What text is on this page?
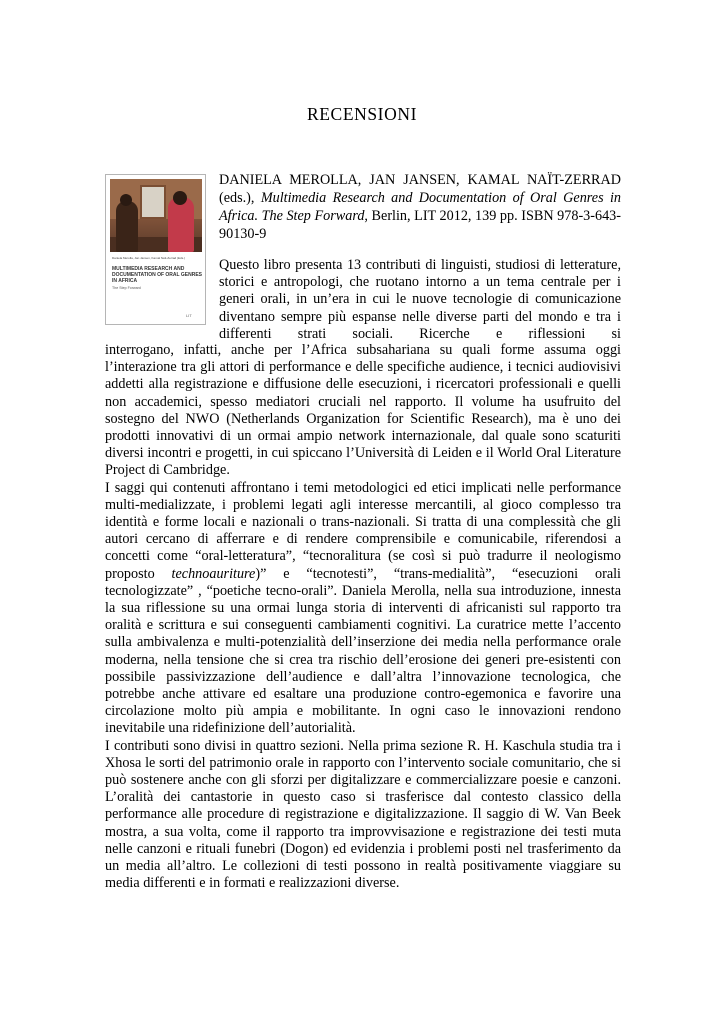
RECENSIONI
Daniela Merolla, Jan Jansen, Kamal Naït-Zerrad (Eds.)
MULTIMEDIA RESEARCH AND DOCUMENTATION OF ORAL GENRES IN AFRICA
The Step Forward
LIT
DANIELA MEROLLA, JAN JANSEN, KAMAL NAÏT-ZERRAD (eds.), Multimedia Research and Documentation of Oral Genres in Africa. The Step Forward, Berlin, LIT 2012, 139 pp. ISBN 978-3-643-90130-9
Questo libro presenta 13 contributi di linguisti, studiosi di letterature, storici e antropologi, che ruotano intorno a un tema centrale per i generi orali, in un’era in cui le nuove tecnologie di comunicazione diventano sempre più espanse nelle diverse parti del mondo e tra i differenti strati sociali. Ricerche e riflessioni si

interrogano, infatti, anche per l’Africa subsahariana su quali forme assuma oggi l’interazione tra gli attori di performance e delle specifiche audience, i tecnici audiovisivi addetti alla registrazione e diffusione delle esecuzioni, i ricercatori professionali e quelli non accademici, spesso mediatori cruciali nel rapporto. Il volume ha usufruito del sostegno del NWO (Netherlands Organization for Scientific Research), ma è uno dei prodotti innovativi di un ormai ampio network internazionale, dal quale sono scaturiti diversi incontri e progetti, in cui spiccano l’Università di Leiden e il World Oral Literature Project di Cambridge.

I saggi qui contenuti affrontano i temi metodologici ed etici implicati nelle performance multi-medializzate, i problemi legati agli interesse mercantili, al gioco complesso tra identità e forme locali e nazionali o trans-nazionali. Si tratta di una complessità che gli autori cercano di afferrare e di rendere comprensibile e comunicabile, riferendosi a concetti come “oral-letteratura”, “tecnoralitura (se così si può tradurre il neologismo proposto technoauriture)” e “tecnotesti”, “trans-medialità”, “esecuzioni orali tecnologizzate” , “poetiche tecno-orali”. Daniela Merolla, nella sua introduzione, innesta la sua riflessione su una ormai lunga storia di interventi di africanisti sul rapporto tra oralità e scrittura e sui conseguenti cambiamenti cognitivi. La curatrice mette l’accento sulla ambivalenza e multi-potenzialità dell’inserzione dei media nella performance orale moderna, nella tensione che si crea tra rischio dell’erosione dei generi pre-esistenti con possibile passivizzazione dell’audience e dall’altra l’innovazione tecnologica, che potrebbe anche attivare ed esaltare una produzione contro-egemonica e favorire una circolazione molto più ampia e mobilitante. In ogni caso le innovazioni rendono inevitabile una ridefinizione dell’autorialità.

I contributi sono divisi in quattro sezioni. Nella prima sezione R. H. Kaschula studia tra i Xhosa le sorti del patrimonio orale in rapporto con l’intervento sociale comunitario, che si può sostenere anche con gli sforzi per digitalizzare e commercializzare poesie e canzoni. L’oralità dei cantastorie in questo caso si trasferisce dal contesto classico della performance alle procedure di registrazione e digitalizzazione. Il saggio di W. Van Beek mostra, a sua volta, come il rapporto tra improvvisazione e registrazione dei testi muta nelle canzoni e rituali funebri (Dogon) ed evidenzia i problemi posti nel trasferimento da un media all’altro. Le collezioni di testi possono in realtà positivamente viaggiare su media differenti e in formati e realizzazioni diverse.
